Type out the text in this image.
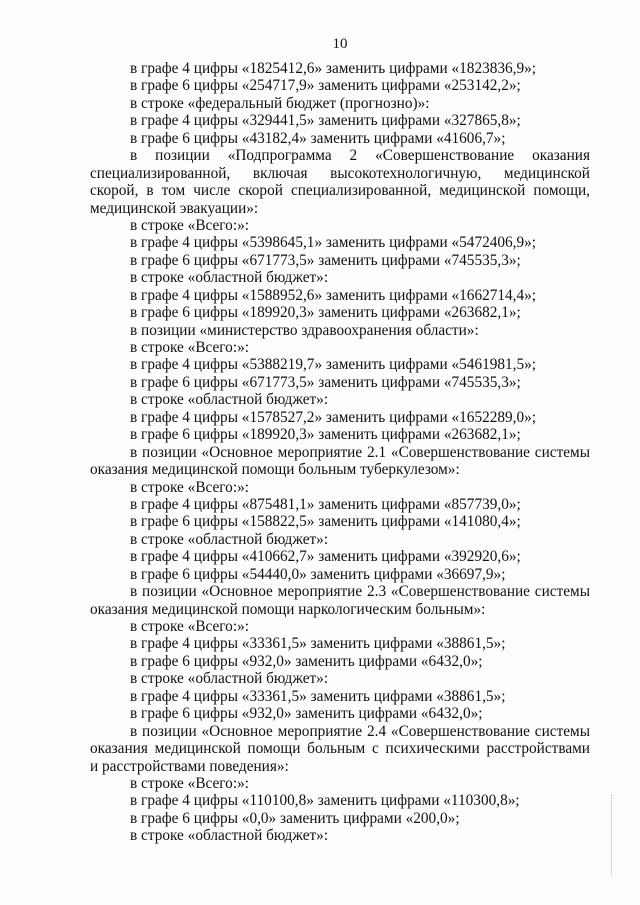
10
в графе 4 цифры «1825412,6» заменить цифрами «1823836,9»;
в графе 6 цифры «254717,9» заменить цифрами «253142,2»;
в строке «федеральный бюджет (прогнозно)»:
в графе 4 цифры «329441,5» заменить цифрами «327865,8»;
в графе 6 цифры «43182,4» заменить цифрами «41606,7»;
в позиции «Подпрограмма 2 «Совершенствование оказания
специализированной, включая высокотехнологичную, медицинской
скорой, в том числе скорой специализированной, медицинской помощи,
медицинской эвакуации»:
в строке «Всего:»:
в графе 4 цифры «5398645,1» заменить цифрами «5472406,9»;
в графе 6 цифры «671773,5» заменить цифрами «745535,3»;
в строке «областной бюджет»:
в графе 4 цифры «1588952,6» заменить цифрами «1662714,4»;
в графе 6 цифры «189920,3» заменить цифрами «263682,1»;
в позиции «министерство здравоохранения области»:
в строке «Всего:»:
в графе 4 цифры «5388219,7» заменить цифрами «5461981,5»;
в графе 6 цифры «671773,5» заменить цифрами «745535,3»;
в строке «областной бюджет»:
в графе 4 цифры «1578527,2» заменить цифрами «1652289,0»;
в графе 6 цифры «189920,3» заменить цифрами «263682,1»;
в позиции «Основное мероприятие 2.1 «Совершенствование системы
оказания медицинской помощи больным туберкулезом»:
в строке «Всего:»:
в графе 4 цифры «875481,1» заменить цифрами «857739,0»;
в графе 6 цифры «158822,5» заменить цифрами «141080,4»;
в строке «областной бюджет»:
в графе 4 цифры «410662,7» заменить цифрами «392920,6»;
в графе 6 цифры «54440,0» заменить цифрами «36697,9»;
в позиции «Основное мероприятие 2.3 «Совершенствование системы
оказания медицинской помощи наркологическим больным»:
в строке «Всего:»:
в графе 4 цифры «33361,5» заменить цифрами «38861,5»;
в графе 6 цифры «932,0» заменить цифрами «6432,0»;
в строке «областной бюджет»:
в графе 4 цифры «33361,5» заменить цифрами «38861,5»;
в графе 6 цифры «932,0» заменить цифрами «6432,0»;
в позиции «Основное мероприятие 2.4 «Совершенствование системы
оказания медицинской помощи больным с психическими расстройствами
и расстройствами поведения»:
в строке «Всего:»:
в графе 4 цифры «110100,8» заменить цифрами «110300,8»;
в графе 6 цифры «0,0» заменить цифрами «200,0»;
в строке «областной бюджет»:
